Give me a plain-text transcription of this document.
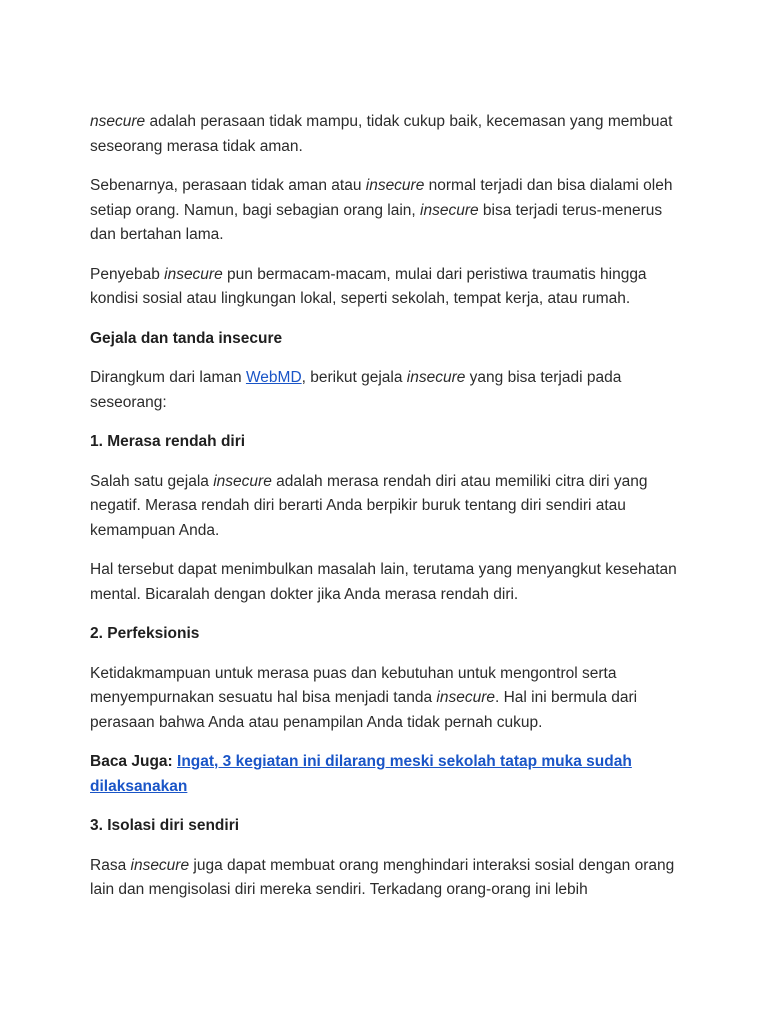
nsecure adalah perasaan tidak mampu, tidak cukup baik, kecemasan yang membuat seseorang merasa tidak aman.

Sebenarnya, perasaan tidak aman atau insecure normal terjadi dan bisa dialami oleh setiap orang. Namun, bagi sebagian orang lain, insecure bisa terjadi terus-menerus dan bertahan lama.

Penyebab insecure pun bermacam-macam, mulai dari peristiwa traumatis hingga kondisi sosial atau lingkungan lokal, seperti sekolah, tempat kerja, atau rumah.

Gejala dan tanda insecure

Dirangkum dari laman WebMD, berikut gejala insecure yang bisa terjadi pada seseorang:

1. Merasa rendah diri

Salah satu gejala insecure adalah merasa rendah diri atau memiliki citra diri yang negatif. Merasa rendah diri berarti Anda berpikir buruk tentang diri sendiri atau kemampuan Anda.

Hal tersebut dapat menimbulkan masalah lain, terutama yang menyangkut kesehatan mental. Bicaralah dengan dokter jika Anda merasa rendah diri.

2. Perfeksionis

Ketidakmampuan untuk merasa puas dan kebutuhan untuk mengontrol serta menyempurnakan sesuatu hal bisa menjadi tanda insecure. Hal ini bermula dari perasaan bahwa Anda atau penampilan Anda tidak pernah cukup.

Baca Juga: Ingat, 3 kegiatan ini dilarang meski sekolah tatap muka sudah dilaksanakan

3. Isolasi diri sendiri

Rasa insecure juga dapat membuat orang menghindari interaksi sosial dengan orang lain dan mengisolasi diri mereka sendiri. Terkadang orang-orang ini lebih
